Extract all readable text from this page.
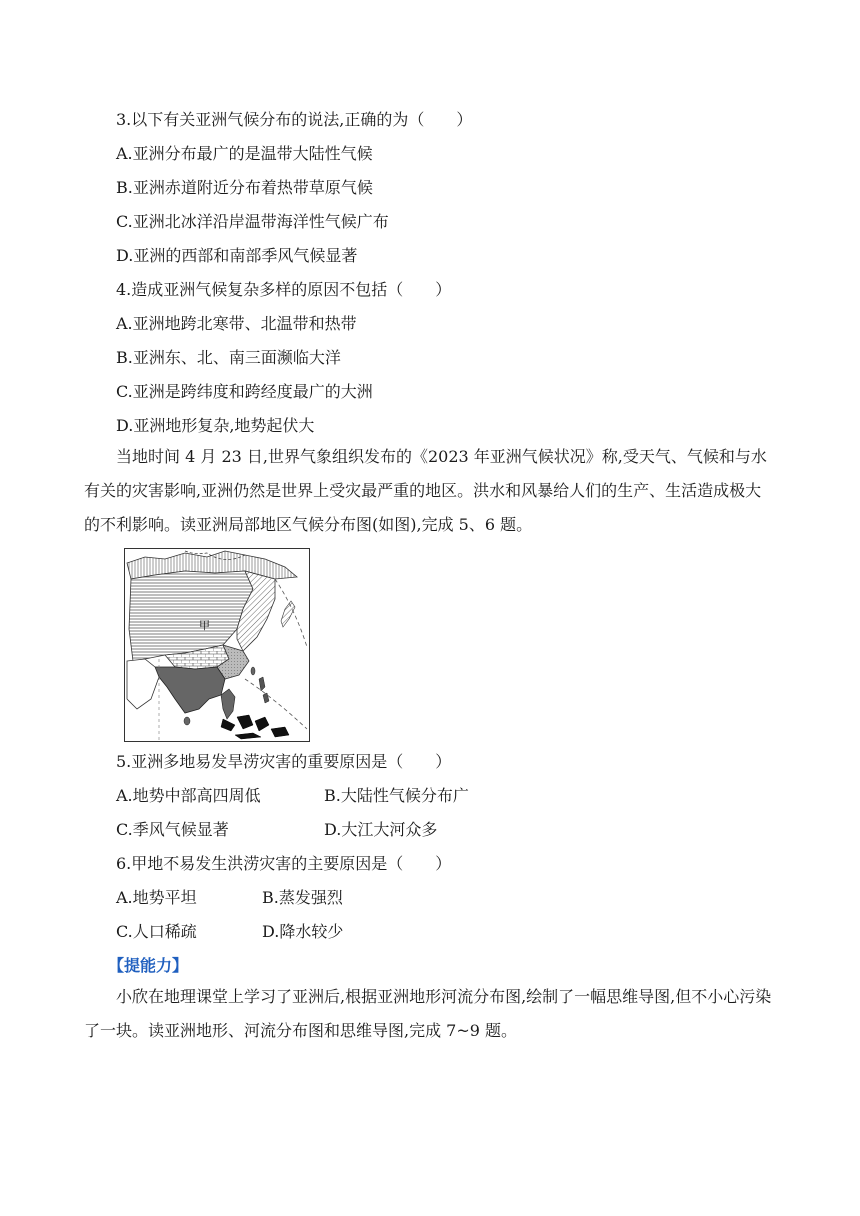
3.以下有关亚洲气候分布的说法,正确的为（　　）
A.亚洲分布最广的是温带大陆性气候
B.亚洲赤道附近分布着热带草原气候
C.亚洲北冰洋沿岸温带海洋性气候广布
D.亚洲的西部和南部季风气候显著
4.造成亚洲气候复杂多样的原因不包括（　　）
A.亚洲地跨北寒带、北温带和热带
B.亚洲东、北、南三面濒临大洋
C.亚洲是跨纬度和跨经度最广的大洲
D.亚洲地形复杂,地势起伏大
当地时间 4 月 23 日,世界气象组织发布的《2023 年亚洲气候状况》称,受天气、气候和与水有关的灾害影响,亚洲仍然是世界上受灾最严重的地区。洪水和风暴给人们的生产、生活造成极大的不利影响。读亚洲局部地区气候分布图(如图),完成 5、6 题。
甲
5.亚洲多地易发旱涝灾害的重要原因是（　　）
A.地势中部高四周低	B.大陆性气候分布广
C.季风气候显著	D.大江大河众多
6.甲地不易发生洪涝灾害的主要原因是（　　）
A.地势平坦	B.蒸发强烈
C.人口稀疏	D.降水较少
【提能力】
小欣在地理课堂上学习了亚洲后,根据亚洲地形河流分布图,绘制了一幅思维导图,但不小心污染了一块。读亚洲地形、河流分布图和思维导图,完成 7~9 题。
